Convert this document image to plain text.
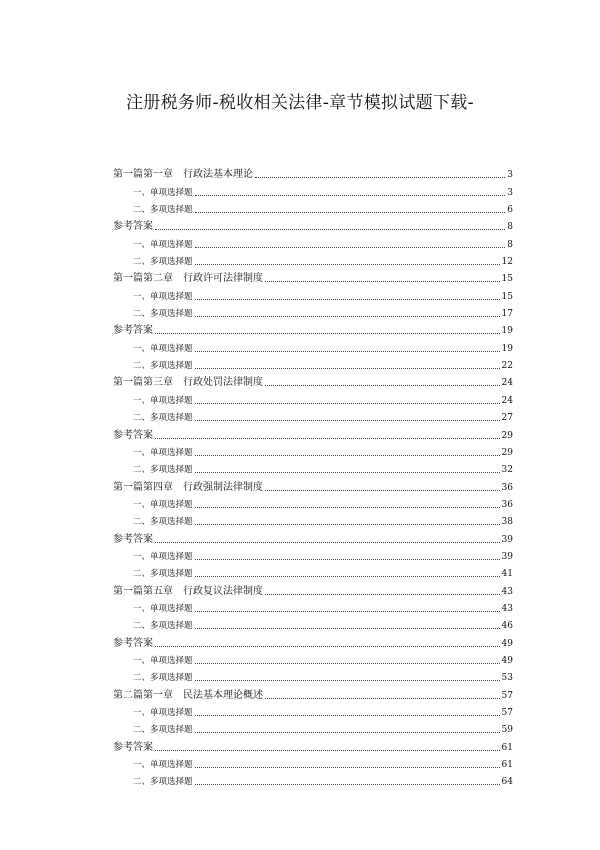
注册税务师-税收相关法律-章节模拟试题下载-
第一篇第一章　行政法基本理论	3
一、单项选择题	3
二、多项选择题	6
参考答案	8
一、单项选择题	8
二、多项选择题	12
第一篇第二章　行政许可法律制度	15
一、单项选择题	15
二、多项选择题	17
参考答案	19
一、单项选择题	19
二、多项选择题	22
第一篇第三章　行政处罚法律制度	24
一、单项选择题	24
二、多项选择题	27
参考答案	29
一、单项选择题	29
二、多项选择题	32
第一篇第四章　行政强制法律制度	36
一、单项选择题	36
二、多项选择题	38
参考答案	39
一、单项选择题	39
二、多项选择题	41
第一篇第五章　行政复议法律制度	43
一、单项选择题	43
二、多项选择题	46
参考答案	49
一、单项选择题	49
二、多项选择题	53
第二篇第一章　民法基本理论概述	57
一、单项选择题	57
二、多项选择题	59
参考答案	61
一、单项选择题	61
二、多项选择题	64
